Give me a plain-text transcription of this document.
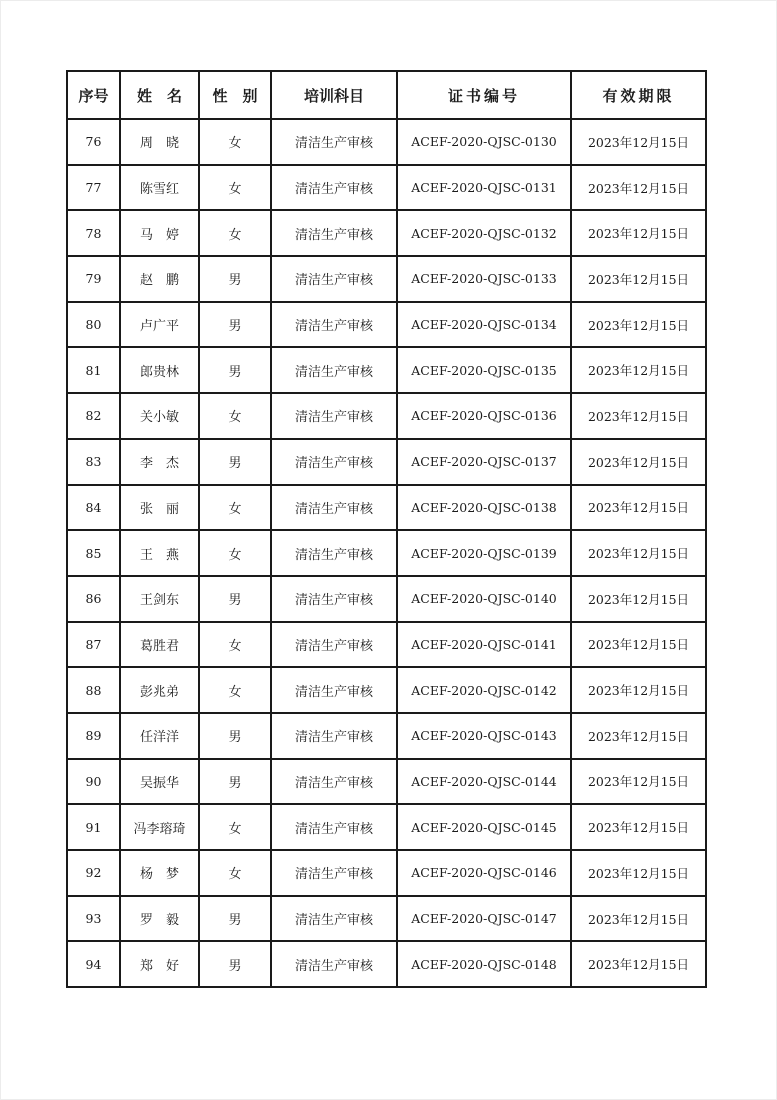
序号	姓　名	性　别	培训科目	证书编号	有效期限
76	周　晓	女	清洁生产审核	ACEF-2020-QJSC-0130	2023年12月15日
77	陈雪红	女	清洁生产审核	ACEF-2020-QJSC-0131	2023年12月15日
78	马　婷	女	清洁生产审核	ACEF-2020-QJSC-0132	2023年12月15日
79	赵　鹏	男	清洁生产审核	ACEF-2020-QJSC-0133	2023年12月15日
80	卢广平	男	清洁生产审核	ACEF-2020-QJSC-0134	2023年12月15日
81	郎贵林	男	清洁生产审核	ACEF-2020-QJSC-0135	2023年12月15日
82	关小敏	女	清洁生产审核	ACEF-2020-QJSC-0136	2023年12月15日
83	李　杰	男	清洁生产审核	ACEF-2020-QJSC-0137	2023年12月15日
84	张　丽	女	清洁生产审核	ACEF-2020-QJSC-0138	2023年12月15日
85	王　燕	女	清洁生产审核	ACEF-2020-QJSC-0139	2023年12月15日
86	王剑东	男	清洁生产审核	ACEF-2020-QJSC-0140	2023年12月15日
87	葛胜君	女	清洁生产审核	ACEF-2020-QJSC-0141	2023年12月15日
88	彭兆弟	女	清洁生产审核	ACEF-2020-QJSC-0142	2023年12月15日
89	任洋洋	男	清洁生产审核	ACEF-2020-QJSC-0143	2023年12月15日
90	吴振华	男	清洁生产审核	ACEF-2020-QJSC-0144	2023年12月15日
91	冯李瑢琦	女	清洁生产审核	ACEF-2020-QJSC-0145	2023年12月15日
92	杨　梦	女	清洁生产审核	ACEF-2020-QJSC-0146	2023年12月15日
93	罗　毅	男	清洁生产审核	ACEF-2020-QJSC-0147	2023年12月15日
94	郑　好	男	清洁生产审核	ACEF-2020-QJSC-0148	2023年12月15日
